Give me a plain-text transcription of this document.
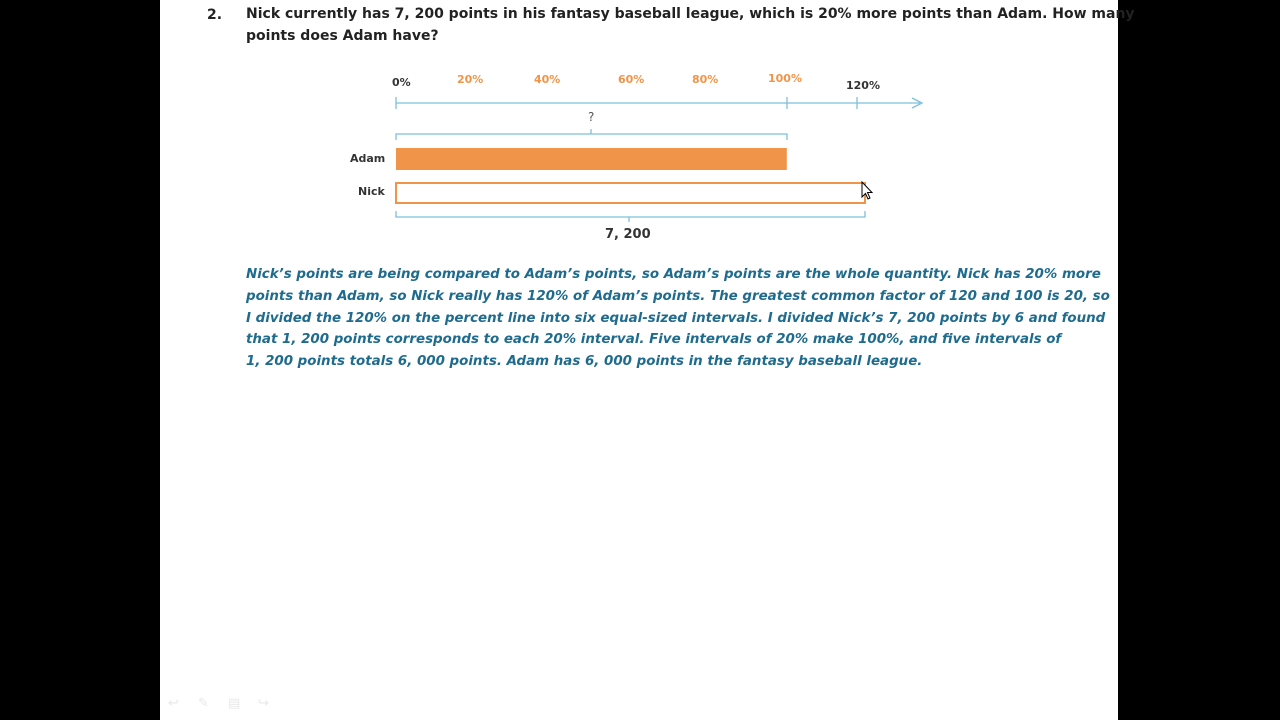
2. Nick currently has 7, 200 points in his fantasy baseball league, which is 20% more points than Adam. How many
points does Adam have?
0%	20%	40%	60%	80%	100%
120%
?
Adam
Nick
7, 200
Nick’s points are being compared to Adam’s points, so Adam’s points are the whole quantity. Nick has 20% more
points than Adam, so Nick really has 120% of Adam’s points. The greatest common factor of 120 and 100 is 20, so
I divided the 120% on the percent line into six equal-sized intervals. I divided Nick’s 7, 200 points by 6 and found
that 1, 200 points corresponds to each 20% interval. Five intervals of 20% make 100%, and five intervals of
1, 200 points totals 6, 000 points. Adam has 6, 000 points in the fantasy baseball league.
↩ ✎ ▤ ↪
